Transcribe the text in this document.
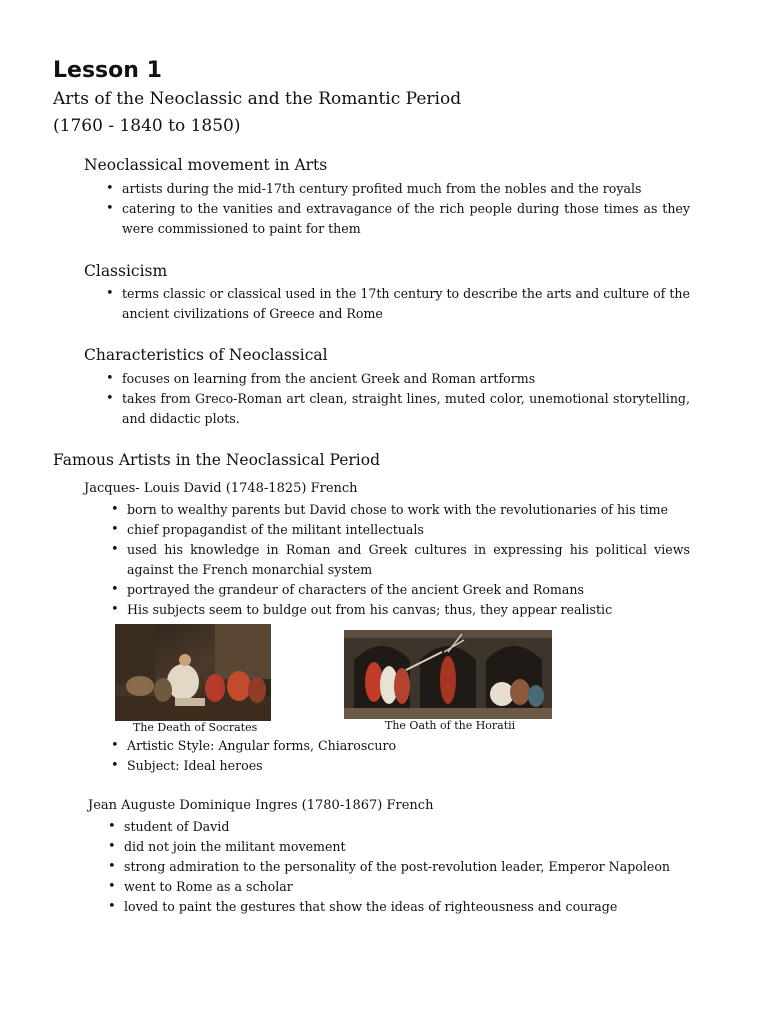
Lesson 1
Arts of the Neoclassic and the Romantic Period
(1760 - 1840 to 1850)
Neoclassical movement in Arts
• artists during the mid-17th century profited much from the nobles and the royals
• catering to the vanities and extravagance of the rich people during those times as they were commissioned to paint for them
Classicism
• terms classic or classical used in the 17th century to describe the arts and culture of the ancient civilizations of Greece and Rome
Characteristics of Neoclassical
• focuses on learning from the ancient Greek and Roman artforms
• takes from Greco-Roman art clean, straight lines, muted color, unemotional storytelling, and didactic plots.
Famous Artists in the Neoclassical Period
Jacques- Louis David (1748-1825) French
• born to wealthy parents but David chose to work with the revolutionaries of his time
• chief propagandist of the militant intellectuals
• used his knowledge in Roman and Greek cultures in expressing his political views against the French monarchial system
• portrayed the grandeur of characters of the ancient Greek and Romans
• His subjects seem to buldge out from his canvas; thus, they appear realistic
The Death of Socrates	The Oath of the Horatii
• Artistic Style: Angular forms, Chiaroscuro
• Subject: Ideal heroes
Jean Auguste Dominique Ingres (1780-1867) French
• student of David
• did not join the militant movement
• strong admiration to the personality of the post-revolution leader, Emperor Napoleon
• went to Rome as a scholar
• loved to paint the gestures that show the ideas of righteousness and courage
